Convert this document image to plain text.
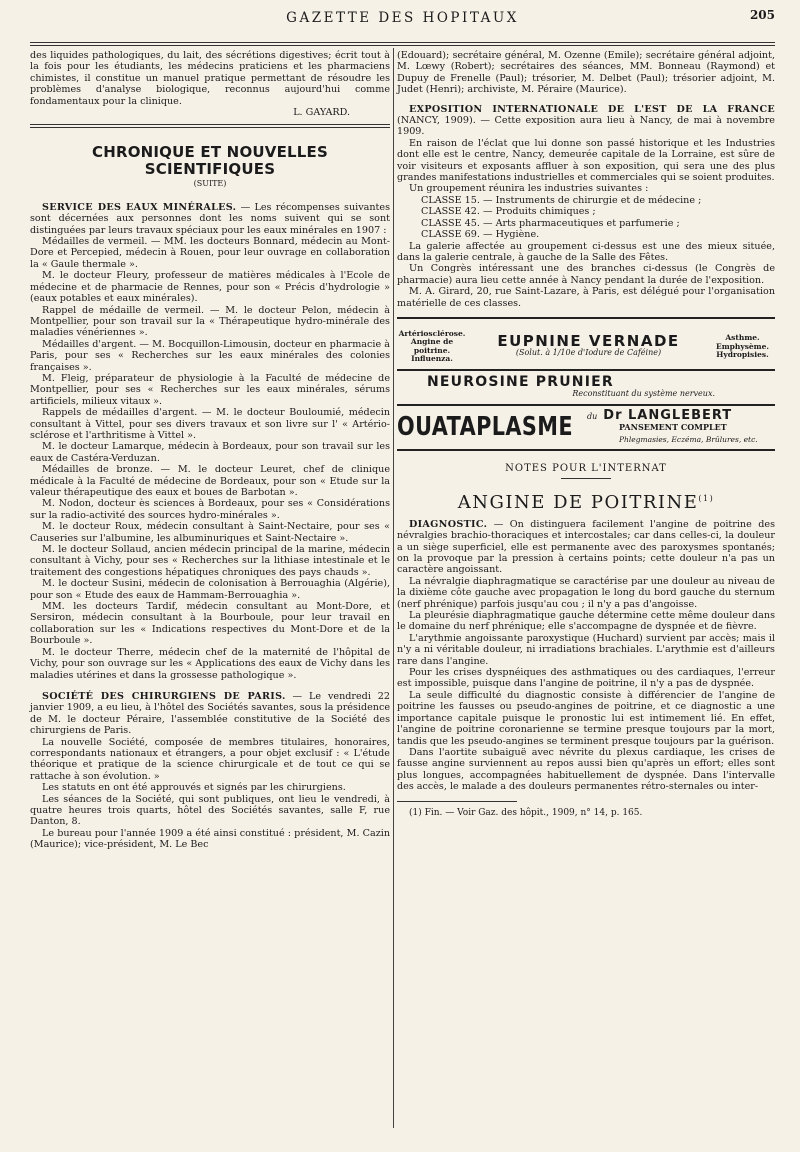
GAZETTE DES HOPITAUX	205

des liquides pathologiques, du lait, des sécrétions digestives; écrit tout à la fois pour les étudiants, les médecins praticiens et les pharmaciens chimistes, il constitue un manuel pratique permettant de résoudre les problèmes d'analyse biologique, reconnus aujourd'hui comme fondamentaux pour la clinique.

L. GAYARD.
CHRONIQUE ET NOUVELLES SCIENTIFIQUES
(SUITE)

SERVICE DES EAUX MINÉRALES. — Les récompenses suivantes sont décernées aux personnes dont les noms suivent qui se sont distinguées par leurs travaux spéciaux pour les eaux minérales en 1907 :

Médailles de vermeil. — MM. les docteurs Bonnard, médecin au Mont-Dore et Percepied, médecin à Rouen, pour leur ouvrage en collaboration la « Gaule thermale ».

M. le docteur Fleury, professeur de matières médicales à l'Ecole de médecine et de pharmacie de Rennes, pour son « Précis d'hydrologie » (eaux potables et eaux minérales).

Rappel de médaille de vermeil. — M. le docteur Pelon, médecin à Montpellier, pour son travail sur la « Thérapeutique hydro-minérale des maladies vénériennes ».

Médailles d'argent. — M. Bocquillon-Limousin, docteur en pharmacie à Paris, pour ses « Recherches sur les eaux minérales des colonies françaises ».

M. Fleig, préparateur de physiologie à la Faculté de médecine de Montpellier, pour ses « Recherches sur les eaux minérales, sérums artificiels, milieux vitaux ».

Rappels de médailles d'argent. — M. le docteur Bouloumié, médecin consultant à Vittel, pour ses divers travaux et son livre sur l' « Artério-sclérose et l'arthritisme à Vittel ».

M. le docteur Lamarque, médecin à Bordeaux, pour son travail sur les eaux de Castéra-Verduzan.

Médailles de bronze. — M. le docteur Leuret, chef de clinique médicale à la Faculté de médecine de Bordeaux, pour son « Etude sur la valeur thérapeutique des eaux et boues de Barbotan ».

M. Nodon, docteur ès sciences à Bordeaux, pour ses « Considérations sur la radio-activité des sources hydro-minérales ».

M. le docteur Roux, médecin consultant à Saint-Nectaire, pour ses « Causeries sur l'albumine, les albuminuriques et Saint-Nectaire ».

M. le docteur Sollaud, ancien médecin principal de la marine, médecin consultant à Vichy, pour ses « Recherches sur la lithiase intestinale et le traitement des congestions hépatiques chroniques des pays chauds ».

M. le docteur Susini, médecin de colonisation à Berrouaghia (Algérie), pour son « Etude des eaux de Hammam-Berrouaghia ».

MM. les docteurs Tardif, médecin consultant au Mont-Dore, et Sersiron, médecin consultant à la Bourboule, pour leur travail en collaboration sur les « Indications respectives du Mont-Dore et de la Bourboule ».

M. le docteur Therre, médecin chef de la maternité de l'hôpital de Vichy, pour son ouvrage sur les « Applications des eaux de Vichy dans les maladies utérines et dans la grossesse pathologique ».

SOCIÉTÉ DES CHIRURGIENS DE PARIS. — Le vendredi 22 janvier 1909, a eu lieu, à l'hôtel des Sociétés savantes, sous la présidence de M. le docteur Péraire, l'assemblée constitutive de la Société des chirurgiens de Paris.

La nouvelle Société, composée de membres titulaires, honoraires, correspondants nationaux et étrangers, a pour objet exclusif : « L'étude théorique et pratique de la science chirurgicale et de tout ce qui se rattache à son évolution. »

Les statuts en ont été approuvés et signés par les chirurgiens.

Les séances de la Société, qui sont publiques, ont lieu le vendredi, à quatre heures trois quarts, hôtel des Sociétés savantes, salle F, rue Danton, 8.

Le bureau pour l'année 1909 a été ainsi constitué : président, M. Cazin (Maurice); vice-président, M. Le Bec

(Edouard); secrétaire général, M. Ozenne (Emile); secrétaire général adjoint, M. Lœwy (Robert); secrétaires des séances, MM. Bonneau (Raymond) et Dupuy de Frenelle (Paul); trésorier, M. Delbet (Paul); trésorier adjoint, M. Judet (Henri); archiviste, M. Péraire (Maurice).

EXPOSITION INTERNATIONALE DE L'EST DE LA FRANCE (NANCY, 1909). — Cette exposition aura lieu à Nancy, de mai à novembre 1909.

En raison de l'éclat que lui donne son passé historique et les Industries dont elle est le centre, Nancy, demeurée capitale de la Lorraine, est sûre de voir visiteurs et exposants affluer à son exposition, qui sera une des plus grandes manifestations industrielles et commerciales qui se soient produites.

Un groupement réunira les industries suivantes :

CLASSE 15. — Instruments de chirurgie et de médecine ;

CLASSE 42. — Produits chimiques ;

CLASSE 45. — Arts pharmaceutiques et parfumerie ;

CLASSE 69. — Hygiène.

La galerie affectée au groupement ci-dessus est une des mieux située, dans la galerie centrale, à gauche de la Salle des Fêtes.

Un Congrès intéressant une des branches ci-dessus (le Congrès de pharmacie) aura lieu cette année à Nancy pendant la durée de l'exposition.

M. A. Girard, 20, rue Saint-Lazare, à Paris, est délégué pour l'organisation matérielle de ces classes.

Artériosclérose. Angine de poitrine. Influenza.
EUPNINE VERNADE
(Solut. à 1/10e d'Iodure de Caféine)
Asthme. Emphysème. Hydropisies.
NEUROSINE PRUNIER
Reconstituant du système nerveux.
OUATAPLASME du Dr LANGLEBERT
PANSEMENT COMPLET
Phlegmasies, Eczéma, Brûlures, etc.
NOTES POUR L'INTERNAT
ANGINE DE POITRINE$^{(1)}$

DIAGNOSTIC. — On distinguera facilement l'angine de poitrine des névralgies brachio-thoraciques et intercostales; car dans celles-ci, la douleur a un siège superficiel, elle est permanente avec des paroxysmes spontanés; on la provoque par la pression à certains points; cette douleur n'a pas un caractère angoissant.

La névralgie diaphragmatique se caractérise par une douleur au niveau de la dixième côte gauche avec propagation le long du bord gauche du sternum (nerf phrénique) parfois jusqu'au cou ; il n'y a pas d'angoisse.

La pleurésie diaphragmatique gauche détermine cette même douleur dans le domaine du nerf phrénique; elle s'accompagne de dyspnée et de fièvre.

L'arythmie angoissante paroxystique (Huchard) survient par accès; mais il n'y a ni véritable douleur, ni irradiations brachiales. L'arythmie est d'ailleurs rare dans l'angine.

Pour les crises dyspnéiques des asthmatiques ou des cardiaques, l'erreur est impossible, puisque dans l'angine de poitrine, il n'y a pas de dyspnée.

La seule difficulté du diagnostic consiste à différencier de l'angine de poitrine les fausses ou pseudo-angines de poitrine, et ce diagnostic a une importance capitale puisque le pronostic lui est intimement lié. En effet, l'angine de poitrine coronarienne se termine presque toujours par la mort, tandis que les pseudo-angines se terminent presque toujours par la guérison.

Dans l'aortite subaiguë avec névrite du plexus cardiaque, les crises de fausse angine surviennent au repos aussi bien qu'après un effort; elles sont plus longues, accompagnées habituellement de dyspnée. Dans l'intervalle des accès, le malade a des douleurs permanentes rétro-sternales ou inter-

(1) Fin. — Voir Gaz. des hôpit., 1909, n° 14, p. 165.
